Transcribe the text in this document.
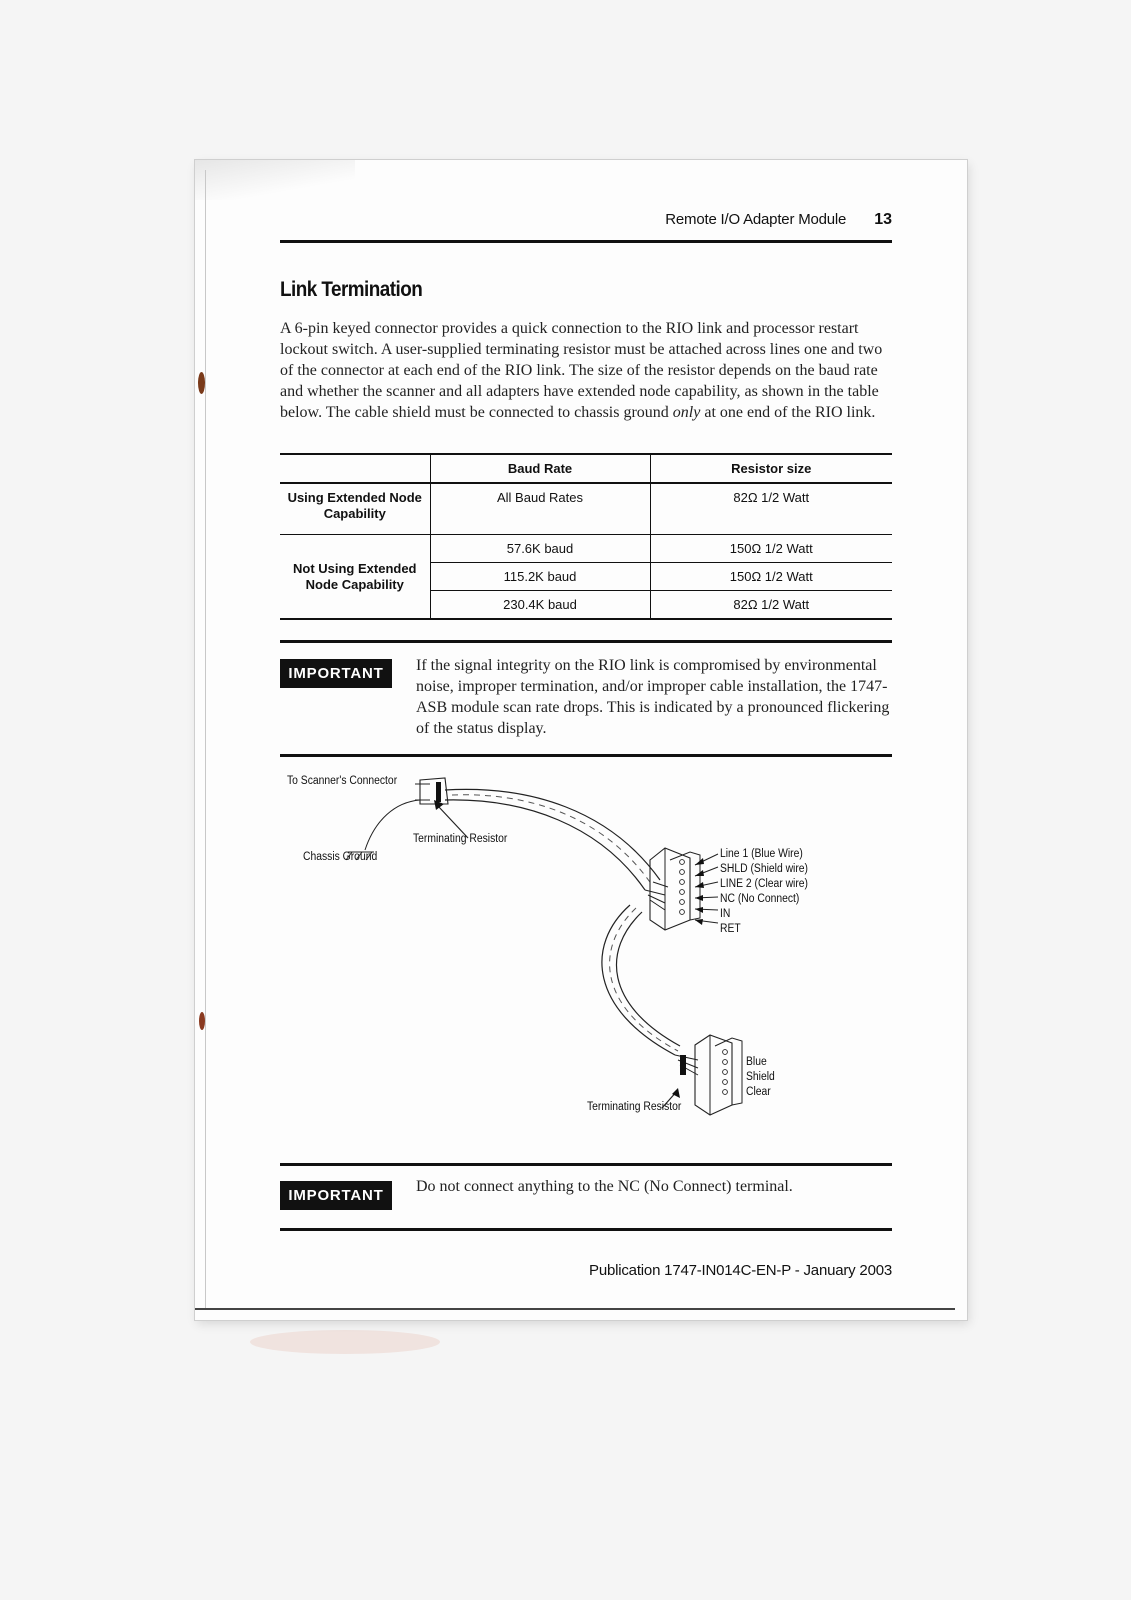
Remote I/O Adapter Module 13
Link Termination

A 6-pin keyed connector provides a quick connection to the RIO link and processor restart lockout switch. A user-supplied terminating resistor must be attached across lines one and two of the connector at each end of the RIO link. The size of the resistor depends on the baud rate and whether the scanner and all adapters have extended node capability, as shown in the table below. The cable shield must be connected to chassis ground only at one end of the RIO link.

	Baud Rate	Resistor size
Using Extended Node Capability	All Baud Rates	82Ω 1/2 Watt
Not Using Extended Node Capability	57.6K baud	150Ω 1/2 Watt
	115.2K baud	150Ω 1/2 Watt
	230.4K baud	82Ω 1/2 Watt
IMPORTANT	If the signal integrity on the RIO link is compromised by environmental noise, improper termination, and/or improper cable installation, the 1747-ASB module scan rate drops. This is indicated by a pronounced flickering of the status display.

To Scanner's Connector
Terminating Resistor
Chassis Ground	Line 1 (Blue Wire)
SHLD (Shield wire)
LINE 2 (Clear wire)
NC (No Connect)
IN
RET
Blue
Shield
Clear
Terminating Resistor
IMPORTANT

Do not connect anything to the NC (No Connect) terminal.

Publication 1747-IN014C-EN-P - January 2003
